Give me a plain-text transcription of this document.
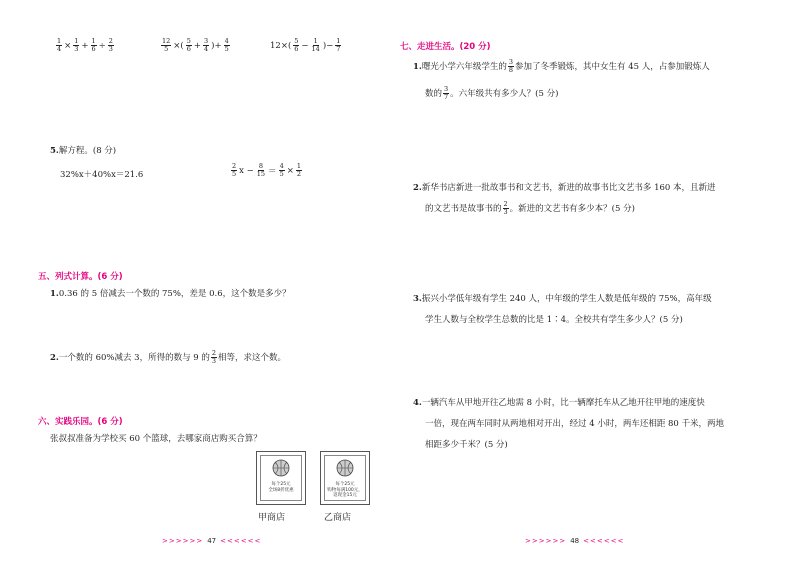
$\frac{1}{4} \times \frac{1}{3} + \frac{1}{6} \div \frac{2}{3}$	$\frac{12}{5}$ ×( $\frac{5}{6} + \frac{3}{4}$ )+ $\frac{4}{5}$	$12\times( \frac{5}{6} - \frac{1}{14}$ )− $\frac{1}{7}$
5.解方程。(8 分)
32%x＋40%x＝21.6	$\frac{2}{5}$ $x - \frac{8}{15} = \frac{4}{5} \times \frac{1}{2}$
五、列式计算。(6 分)
1.0.36 的 5 倍减去一个数的 75%，差是 0.6，这个数是多少？
2. 一个数的 60%减去 3，所得的数与 9 的 $\frac{2}{3}$ 相等，求这个数。
六、实践乐园。(6 分)
张叔叔准备为学校买 60 个篮球，去哪家商店购买合算？
每个25元
全场8折优惠
甲商店
每个25元
购物每满100元，
返现金15元
乙商店
>>>>>> 47 <<<<<<
七、走进生活。(20 分)
1. 曙光小学六年级学生的 $\frac{3}{8}$ 参加了冬季锻炼，其中女生有 45 人，占参加锻炼人
数的 $\frac{3}{7}$ 。六年级共有多少人？(5 分)
2.新华书店新进一批故事书和文艺书，新进的故事书比文艺书多 160 本，且新进
的文艺书是故事书的 $\frac{2}{3}$ 。新进的文艺书有多少本？(5 分)
3.振兴小学低年级有学生 240 人，中年级的学生人数是低年级的 75%，高年级
学生人数与全校学生总数的比是 1∶4。全校共有学生多少人？(5 分)
4.一辆汽车从甲地开往乙地需 8 小时，比一辆摩托车从乙地开往甲地的速度快
一倍，现在两车同时从两地相对开出，经过 4 小时，两车还相距 80 千米，两地
相距多少千米？(5 分)
>>>>>> 48 <<<<<<
